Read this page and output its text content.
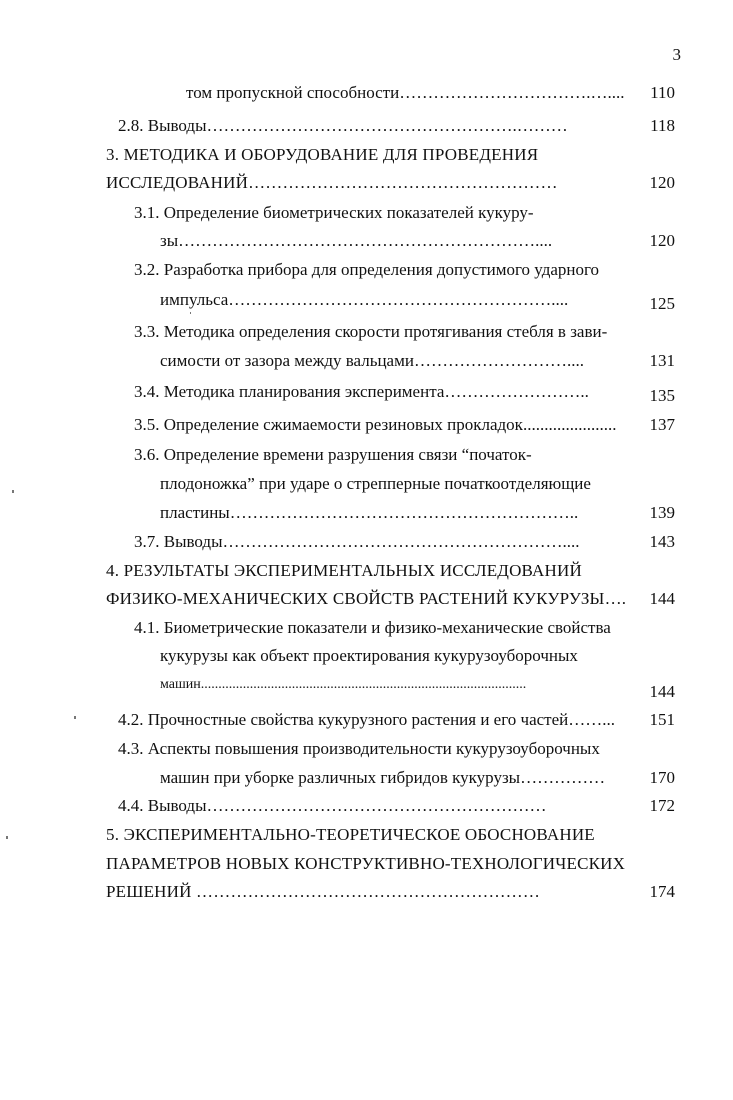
3
том пропускной способности…………………………….…....	110
2.8. Выводы……………………………………………….………	118
3. МЕТОДИКА И ОБОРУДОВАНИЕ ДЛЯ ПРОВЕДЕНИЯ
ИССЛЕДОВАНИЙ………………………………………………	120
3.1. Определение биометрических показателей кукуру-
зы………………………………………………………....	120
3.2. Разработка прибора для определения допустимого ударного
импульса…………………………………………………....	125
3.3. Методика определения скорости протягивания стебля в зави-
симости от зазора между вальцами………………………....	131
3.4. Методика планирования эксперимента……………………..	135
3.5. Определение сжимаемости резиновых прокладок...................... 137
3.6. Определение времени разрушения связи “початок-
плодоножка” при ударе о стрепперные початкоотделяющие
пластины……………………………………………………..	139
3.7. Выводы……………………………………………………....	143
4. РЕЗУЛЬТАТЫ ЭКСПЕРИМЕНТАЛЬНЫХ ИССЛЕДОВАНИЙ
ФИЗИКО-МЕХАНИЧЕСКИХ СВОЙСТВ РАСТЕНИЙ КУКУРУЗЫ…. 144
4.1. Биометрические показатели и физико-механические свойства
кукурузы как объект проектирования кукурузоуборочных
машин.............................................................................................	144
4.2. Прочностные свойства кукурузного растения и его частей……... 151
4.3. Аспекты повышения производительности кукурузоуборочных
машин при уборке различных гибридов кукурузы……………	170
4.4. Выводы……………………………………………………	172
5. ЭКСПЕРИМЕНТАЛЬНО-ТЕОРЕТИЧЕСКОЕ ОБОСНОВАНИЕ
ПАРАМЕТРОВ НОВЫХ КОНСТРУКТИВНО-ТЕХНОЛОГИЧЕСКИХ
РЕШЕНИЙ ……………………………………………………	174
